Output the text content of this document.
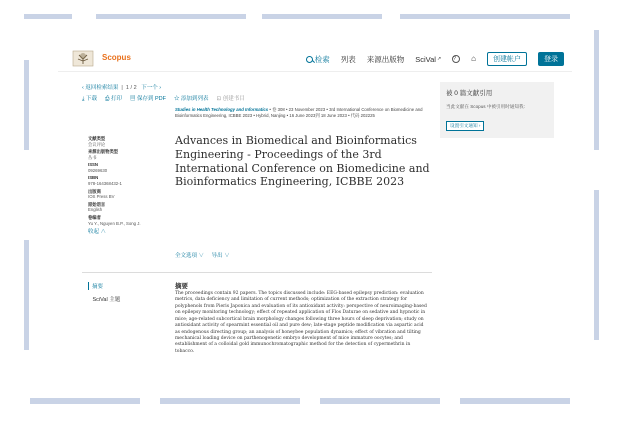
Scopus	检索 列表 来源出版物 SciVal ↗ ?	⌂	创建帐户	登录
‹ 返回检索结果  |  1 / 2 下一个 ›
⤓ 下载 ⎙ 打印 ▤ 保存到 PDF ☆ 添加到列表 ⊡ 创建书目
Studies in Health Technology and Informatics • 卷 308 • 23 November 2023 • 3rd International Conference on Biomedicine and Bioinformatics Engineering, ICBBE 2023 • Hybrid, Nanjing • 16 June 2023到 18 June 2023 • 代码 202225
文献类型
会议评论
来源出版物类型
丛书
ISSN
09269630
ISBN
978-164368432-1
出版商
IOS Press BV
原始语言
English
卷编者
Yu Y., Nguyen B.P., Song J.
收起 ∧
Advances in Biomedical and Bioinformatics Engineering - Proceedings of the 3rd International Conference on Biomedicine and Bioinformatics Engineering, ICBBE 2023
全文选项 ∨ 导出 ∨
摘要
SciVal 主题
摘要
The proceedings contain 92 papers. The topics discussed include: EEG-based epilepsy prediction: evaluation metrics, data deficiency and limitation of current methods; optimization of the extraction strategy for polyphenols from Pieris Japonica and evaluation of its antioxidant activity: perspective of neuroimaging-based on epilepsy monitoring technology; effect of repeated application of Flos Daturae on sedative and hypnotic in mice; age-related subcortical brain morphology changes following three hours of sleep deprivation; study on antioxidant activity of spearmint essential oil and pure dew; late-stage peptide modification via aspartic acid as endogenous directing group; an analysis of honeybee population dynamics; effect of vibration and tilting mechanical loading device on parthenogenetic embryo development of mice immature oocytes; and establishment of a colloidal gold immunochromatographic method for the detection of cypermethrin in tobacco.
被 0 篇文献引用
当此文献在 Scopus 中被引用时通知我:
设置引文通知 ›
